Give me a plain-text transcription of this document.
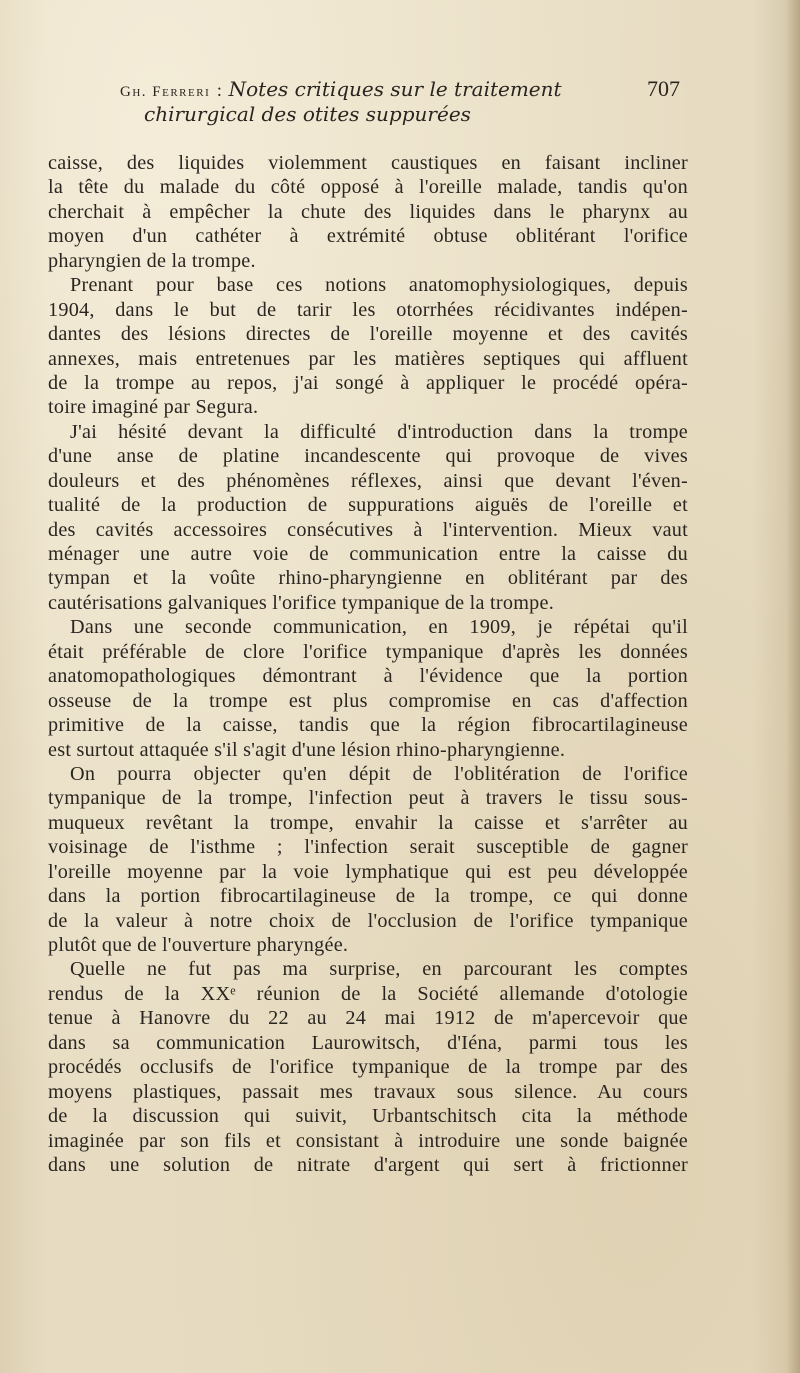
Gh. Ferreri : Notes critiques sur le traitement	707
chirurgical des otites suppurées
caisse, des liquides violemment caustiques en faisant incliner
la tête du malade du côté opposé à l'oreille malade, tandis qu'on
cherchait à empêcher la chute des liquides dans le pharynx au
moyen d'un cathéter à extrémité obtuse oblitérant l'orifice
pharyngien de la trompe.
Prenant pour base ces notions anatomophysiologiques, depuis
1904, dans le but de tarir les otorrhées récidivantes indépen-
dantes des lésions directes de l'oreille moyenne et des cavités
annexes, mais entretenues par les matières septiques qui affluent
de la trompe au repos, j'ai songé à appliquer le procédé opéra-
toire imaginé par Segura.
J'ai hésité devant la difficulté d'introduction dans la trompe
d'une anse de platine incandescente qui provoque de vives
douleurs et des phénomènes réflexes, ainsi que devant l'éven-
tualité de la production de suppurations aiguës de l'oreille et
des cavités accessoires consécutives à l'intervention. Mieux vaut
ménager une autre voie de communication entre la caisse du
tympan et la voûte rhino-pharyngienne en oblitérant par des
cautérisations galvaniques l'orifice tympanique de la trompe.
Dans une seconde communication, en 1909, je répétai qu'il
était préférable de clore l'orifice tympanique d'après les données
anatomopathologiques démontrant à l'évidence que la portion
osseuse de la trompe est plus compromise en cas d'affection
primitive de la caisse, tandis que la région fibrocartilagineuse
est surtout attaquée s'il s'agit d'une lésion rhino-pharyngienne.
On pourra objecter qu'en dépit de l'oblitération de l'orifice
tympanique de la trompe, l'infection peut à travers le tissu sous-
muqueux revêtant la trompe, envahir la caisse et s'arrêter au
voisinage de l'isthme ; l'infection serait susceptible de gagner
l'oreille moyenne par la voie lymphatique qui est peu développée
dans la portion fibrocartilagineuse de la trompe, ce qui donne
de la valeur à notre choix de l'occlusion de l'orifice tympanique
plutôt que de l'ouverture pharyngée.
Quelle ne fut pas ma surprise, en parcourant les comptes
rendus de la XXᵉ réunion de la Société allemande d'otologie
tenue à Hanovre du 22 au 24 mai 1912 de m'apercevoir que
dans sa communication Laurowitsch, d'Iéna, parmi tous les
procédés occlusifs de l'orifice tympanique de la trompe par des
moyens plastiques, passait mes travaux sous silence. Au cours
de la discussion qui suivit, Urbantschitsch cita la méthode
imaginée par son fils et consistant à introduire une sonde baignée
dans une solution de nitrate d'argent qui sert à frictionner
